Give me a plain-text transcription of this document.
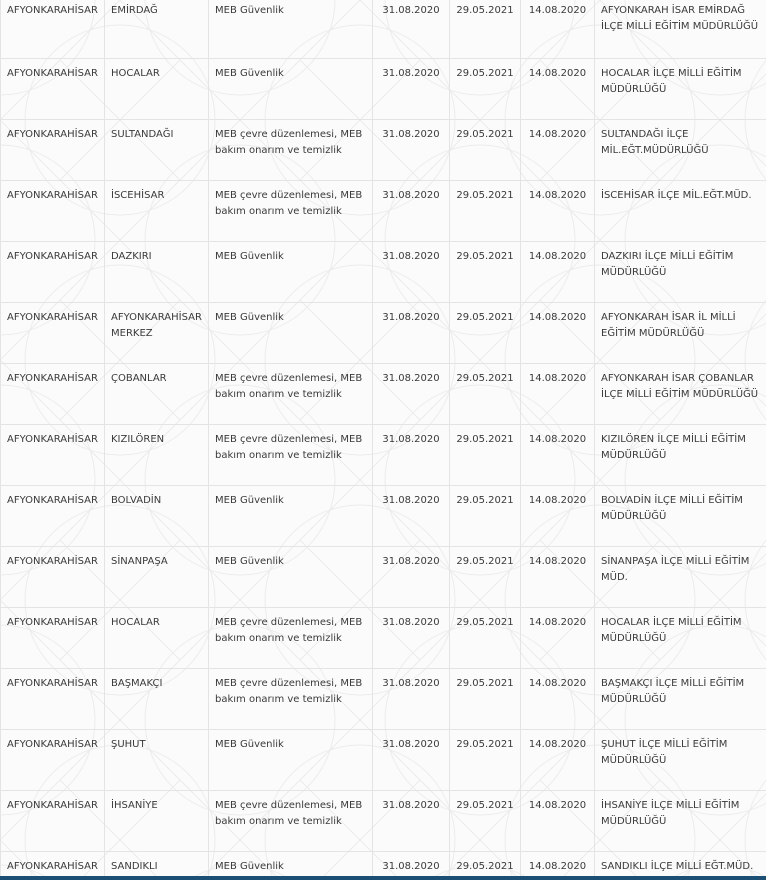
AFYONKARAHİSAR	EMİRDAĞ	MEB Güvenlik	31.08.2020	29.05.2021	14.08.2020	AFYONKARAH İSAR EMİRDAĞ İLÇE MİLLİ EĞİTİM MÜDÜRLÜĞÜ
AFYONKARAHİSAR	HOCALAR	MEB Güvenlik	31.08.2020	29.05.2021	14.08.2020	HOCALAR İLÇE MİLLİ EĞİTİM MÜDÜRLÜĞÜ
AFYONKARAHİSAR	SULTANDAĞI	MEB çevre düzenlemesi, MEB bakım onarım ve temizlik	31.08.2020	29.05.2021	14.08.2020	SULTANDAĞI İLÇE MİL.EĞT.MÜDÜRLÜĞÜ
AFYONKARAHİSAR	İSCEHİSAR	MEB çevre düzenlemesi, MEB bakım onarım ve temizlik	31.08.2020	29.05.2021	14.08.2020	İSCEHİSAR İLÇE MİL.EĞT.MÜD.
AFYONKARAHİSAR	DAZKIRI	MEB Güvenlik	31.08.2020	29.05.2021	14.08.2020	DAZKIRI İLÇE MİLLİ EĞİTİM MÜDÜRLÜĞÜ
AFYONKARAHİSAR	AFYONKARAHİSAR MERKEZ	MEB Güvenlik	31.08.2020	29.05.2021	14.08.2020	AFYONKARAH İSAR İL MİLLİ EĞİTİM MÜDÜRLÜĞÜ
AFYONKARAHİSAR	ÇOBANLAR	MEB çevre düzenlemesi, MEB bakım onarım ve temizlik	31.08.2020	29.05.2021	14.08.2020	AFYONKARAH İSAR ÇOBANLAR İLÇE MİLLİ EĞİTİM MÜDÜRLÜĞÜ
AFYONKARAHİSAR	KIZILÖREN	MEB çevre düzenlemesi, MEB bakım onarım ve temizlik	31.08.2020	29.05.2021	14.08.2020	KIZILÖREN İLÇE MİLLİ EĞİTİM MÜDÜRLÜĞÜ
AFYONKARAHİSAR	BOLVADİN	MEB Güvenlik	31.08.2020	29.05.2021	14.08.2020	BOLVADİN İLÇE MİLLİ EĞİTİM MÜDÜRLÜĞÜ
AFYONKARAHİSAR	SİNANPAŞA	MEB Güvenlik	31.08.2020	29.05.2021	14.08.2020	SİNANPAŞA İLÇE MİLLİ EĞİTİM MÜD.
AFYONKARAHİSAR	HOCALAR	MEB çevre düzenlemesi, MEB bakım onarım ve temizlik	31.08.2020	29.05.2021	14.08.2020	HOCALAR İLÇE MİLLİ EĞİTİM MÜDÜRLÜĞÜ
AFYONKARAHİSAR	BAŞMAKÇI	MEB çevre düzenlemesi, MEB bakım onarım ve temizlik	31.08.2020	29.05.2021	14.08.2020	BAŞMAKÇI İLÇE MİLLİ EĞİTİM MÜDÜRLÜĞÜ
AFYONKARAHİSAR	ŞUHUT	MEB Güvenlik	31.08.2020	29.05.2021	14.08.2020	ŞUHUT İLÇE MİLLİ EĞİTİM MÜDÜRLÜĞÜ
AFYONKARAHİSAR	İHSANİYE	MEB çevre düzenlemesi, MEB bakım onarım ve temizlik	31.08.2020	29.05.2021	14.08.2020	İHSANİYE İLÇE MİLLİ EĞİTİM MÜDÜRLÜĞÜ
AFYONKARAHİSAR	SANDIKLI	MEB Güvenlik	31.08.2020	29.05.2021	14.08.2020	SANDIKLI İLÇE MİLLİ EĞT.MÜD.
